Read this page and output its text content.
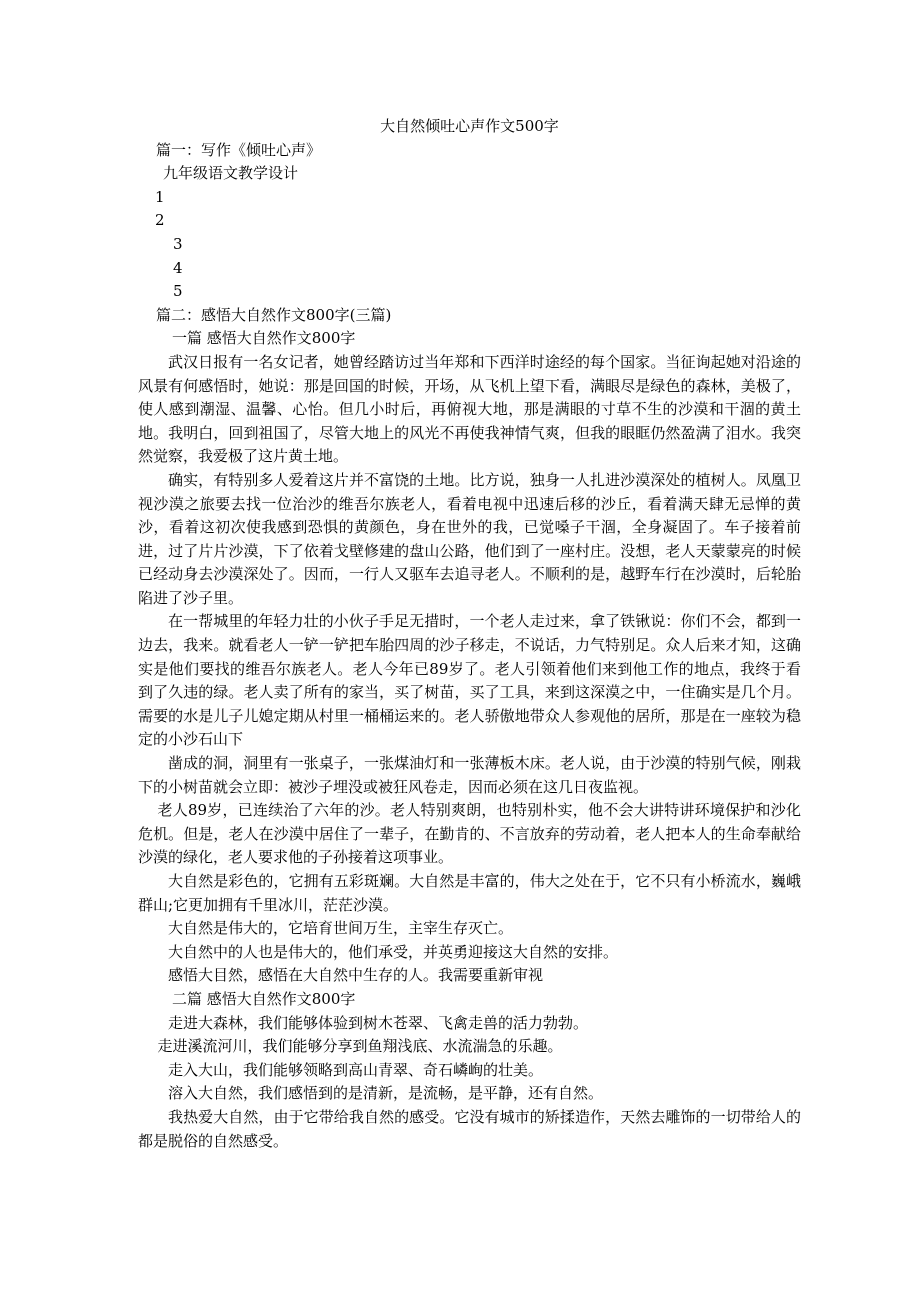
大自然倾吐心声作文500字

篇一：写作《倾吐心声》

九年级语文教学设计

1

2

3

4

5

篇二：感悟大自然作文800字(三篇)

一篇 感悟大自然作文800字

武汉日报有一名女记者，她曾经踏访过当年郑和下西洋时途经的每个国家。当征询起她对沿途的风景有何感悟时，她说：那是回国的时候，开场，从飞机上望下看，满眼尽是绿色的森林，美极了，使人感到潮湿、温馨、心怡。但几小时后，再俯视大地，那是满眼的寸草不生的沙漠和干涸的黄土地。我明白，回到祖国了，尽管大地上的风光不再使我神情气爽，但我的眼眶仍然盈满了泪水。我突然觉察，我爱极了这片黄土地。

确实，有特别多人爱着这片并不富饶的土地。比方说，独身一人扎进沙漠深处的植树人。凤凰卫视沙漠之旅要去找一位治沙的维吾尔族老人，看着电视中迅速后移的沙丘，看着满天肆无忌惮的黄沙，看着这初次使我感到恐惧的黄颜色，身在世外的我，已觉嗓子干涸，全身凝固了。车子接着前进，过了片片沙漠，下了依着戈壁修建的盘山公路，他们到了一座村庄。没想，老人天蒙蒙亮的时候已经动身去沙漠深处了。因而，一行人又驱车去追寻老人。不顺利的是，越野车行在沙漠时，后轮胎陷进了沙子里。

在一帮城里的年轻力壮的小伙子手足无措时，一个老人走过来，拿了铁锹说：你们不会，都到一边去，我来。就看老人一铲一铲把车胎四周的沙子移走，不说话，力气特别足。众人后来才知，这确实是他们要找的维吾尔族老人。老人今年已89岁了。老人引领着他们来到他工作的地点，我终于看到了久违的绿。老人卖了所有的家当，买了树苗，买了工具，来到这深漠之中，一住确实是几个月。需要的水是儿子儿媳定期从村里一桶桶运来的。老人骄傲地带众人参观他的居所，那是在一座较为稳定的小沙石山下

凿成的洞，洞里有一张桌子，一张煤油灯和一张薄板木床。老人说，由于沙漠的特别气候，刚栽下的小树苗就会立即：被沙子埋没或被狂风卷走，因而必须在这几日夜监视。

老人89岁，已连续治了六年的沙。老人特别爽朗，也特别朴实，他不会大讲特讲环境保护和沙化危机。但是，老人在沙漠中居住了一辈子，在勤肯的、不言放弃的劳动着，老人把本人的生命奉献给沙漠的绿化，老人要求他的子孙接着这项事业。

大自然是彩色的，它拥有五彩斑斓。大自然是丰富的，伟大之处在于，它不只有小桥流水，巍峨群山;它更加拥有千里冰川，茫茫沙漠。

大自然是伟大的，它培育世间万生，主宰生存灭亡。

大自然中的人也是伟大的，他们承受，并英勇迎接这大自然的安排。

感悟大目然，感悟在大自然中生存的人。我需要重新审视

二篇 感悟大自然作文800字

走进大森林，我们能够体验到树木苍翠、飞禽走兽的活力勃勃。

走进溪流河川，我们能够分享到鱼翔浅底、水流湍急的乐趣。

走入大山，我们能够领略到高山青翠、奇石嶙峋的壮美。

溶入大自然，我们感悟到的是清新，是流畅，是平静，还有自然。

我热爱大自然，由于它带给我自然的感受。它没有城市的矫揉造作，天然去雕饰的一切带给人的都是脱俗的自然感受。
